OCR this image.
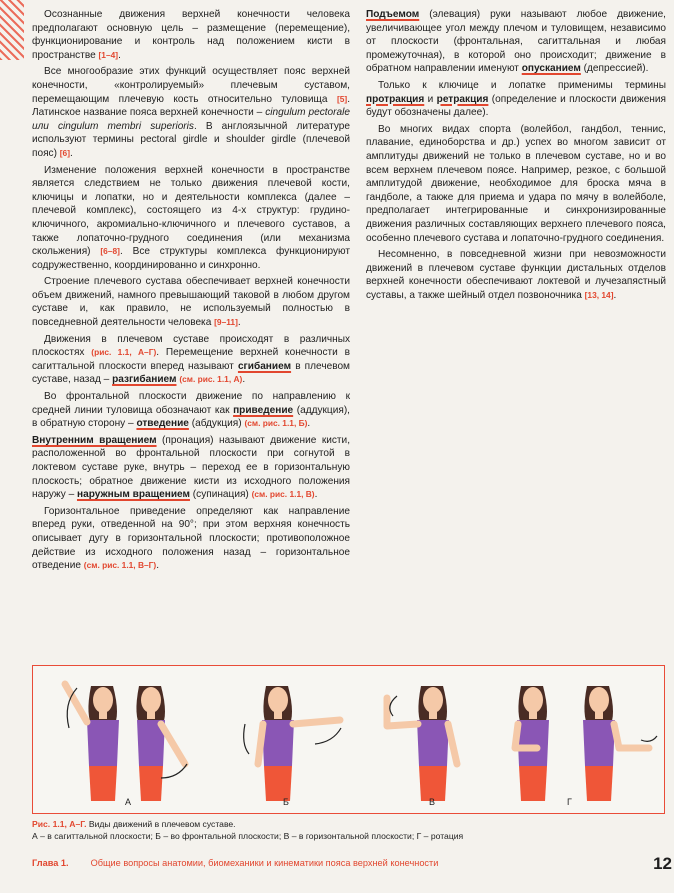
Осознанные движения верхней конечности человека предполагают основную цель – размещение (перемещение), функционирование и контроль над положением кисти в пространстве [1–4].

Все многообразие этих функций осуществляет пояс верхней конечности, «контролируемый» плечевым суставом, перемещающим плечевую кость относительно туловища [5]. Латинское название пояса верхней конечности – cingulum pectorale или cingulum membri superioris. В англоязычной литературе используют термины pectoral girdle и shoulder girdle (плечевой пояс) [6].

Изменение положения верхней конечности в пространстве является следствием не только движения плечевой кости, ключицы и лопатки, но и деятельности комплекса (далее – плечевой комплекс), состоящего из 4-х структур: грудино-ключичного, акромиально-ключичного и плечевого суставов, а также лопаточно-грудного соединения (или механизма скольжения) [6–8]. Все структуры комплекса функционируют содружественно, координированно и синхронно.

Строение плечевого сустава обеспечивает верхней конечности объем движений, намного превышающий таковой в любом другом суставе и, как правило, не используемый полностью в повседневной деятельности человека [9–11].

Движения в плечевом суставе происходят в различных плоскостях (рис. 1.1, А–Г). Перемещение верхней конечности в сагиттальной плоскости вперед называют сгибанием в плечевом суставе, назад – разгибанием (см. рис. 1.1, А).

Во фронтальной плоскости движение по направлению к средней линии туловища обозначают как приведение (аддукция), в обратную сторону – отведение (абдукция) (см. рис. 1.1, Б).

Внутренним вращением (пронация) называют движение кисти, расположенной во фронтальной плоскости при согнутой в локтевом суставе руке, внутрь – переход ее в горизонтальную плоскость; обратное движение кисти из исходного положения наружу – наружным вращением (супинация) (см. рис. 1.1, В).

Горизонтальное приведение определяют как направление вперед руки, отведенной на 90°; при этом верхняя конечность описывает дугу в горизонтальной плоскости; противоположное действие из исходного положения назад – горизонтальное отведение (см. рис. 1.1, В–Г).

Подъемом (элевация) руки называют любое движение, увеличивающее угол между плечом и туловищем, независимо от плоскости (фронтальная, сагиттальная и любая промежуточная), в которой оно происходит; движение в обратном направлении именуют опусканием (депрессией).

Только к ключице и лопатке применимы термины протракция и ретракция (определение и плоскости движения будут обозначены далее).

Во многих видах спорта (волейбол, гандбол, теннис, плавание, единоборства и др.) успех во многом зависит от амплитуды движений не только в плечевом суставе, но и во всем верхнем плечевом поясе. Например, резкое, с большой амплитудой движение, необходимое для броска мяча в гандболе, а также для приема и удара по мячу в волейболе, предполагает интегрированные и синхронизированные движения различных составляющих верхнего плечевого пояса, особенно плечевого сустава и лопаточно-грудного соединения.

Несомненно, в повседневной жизни при невозможности движений в плечевом суставе функции дистальных отделов верхней конечности обеспечивают локтевой и лучезапястный суставы, а также шейный отдел позвоночника [13, 14].

А	Б	В	Г
Рис. 1.1, А–Г. Виды движений в плечевом суставе.
А – в сагиттальной плоскости; Б – во фронтальной плоскости; В – в горизонтальной плоскости; Г – ротация
Глава 1. Общие вопросы анатомии, биомеханики и кинематики пояса верхней конечности	12
